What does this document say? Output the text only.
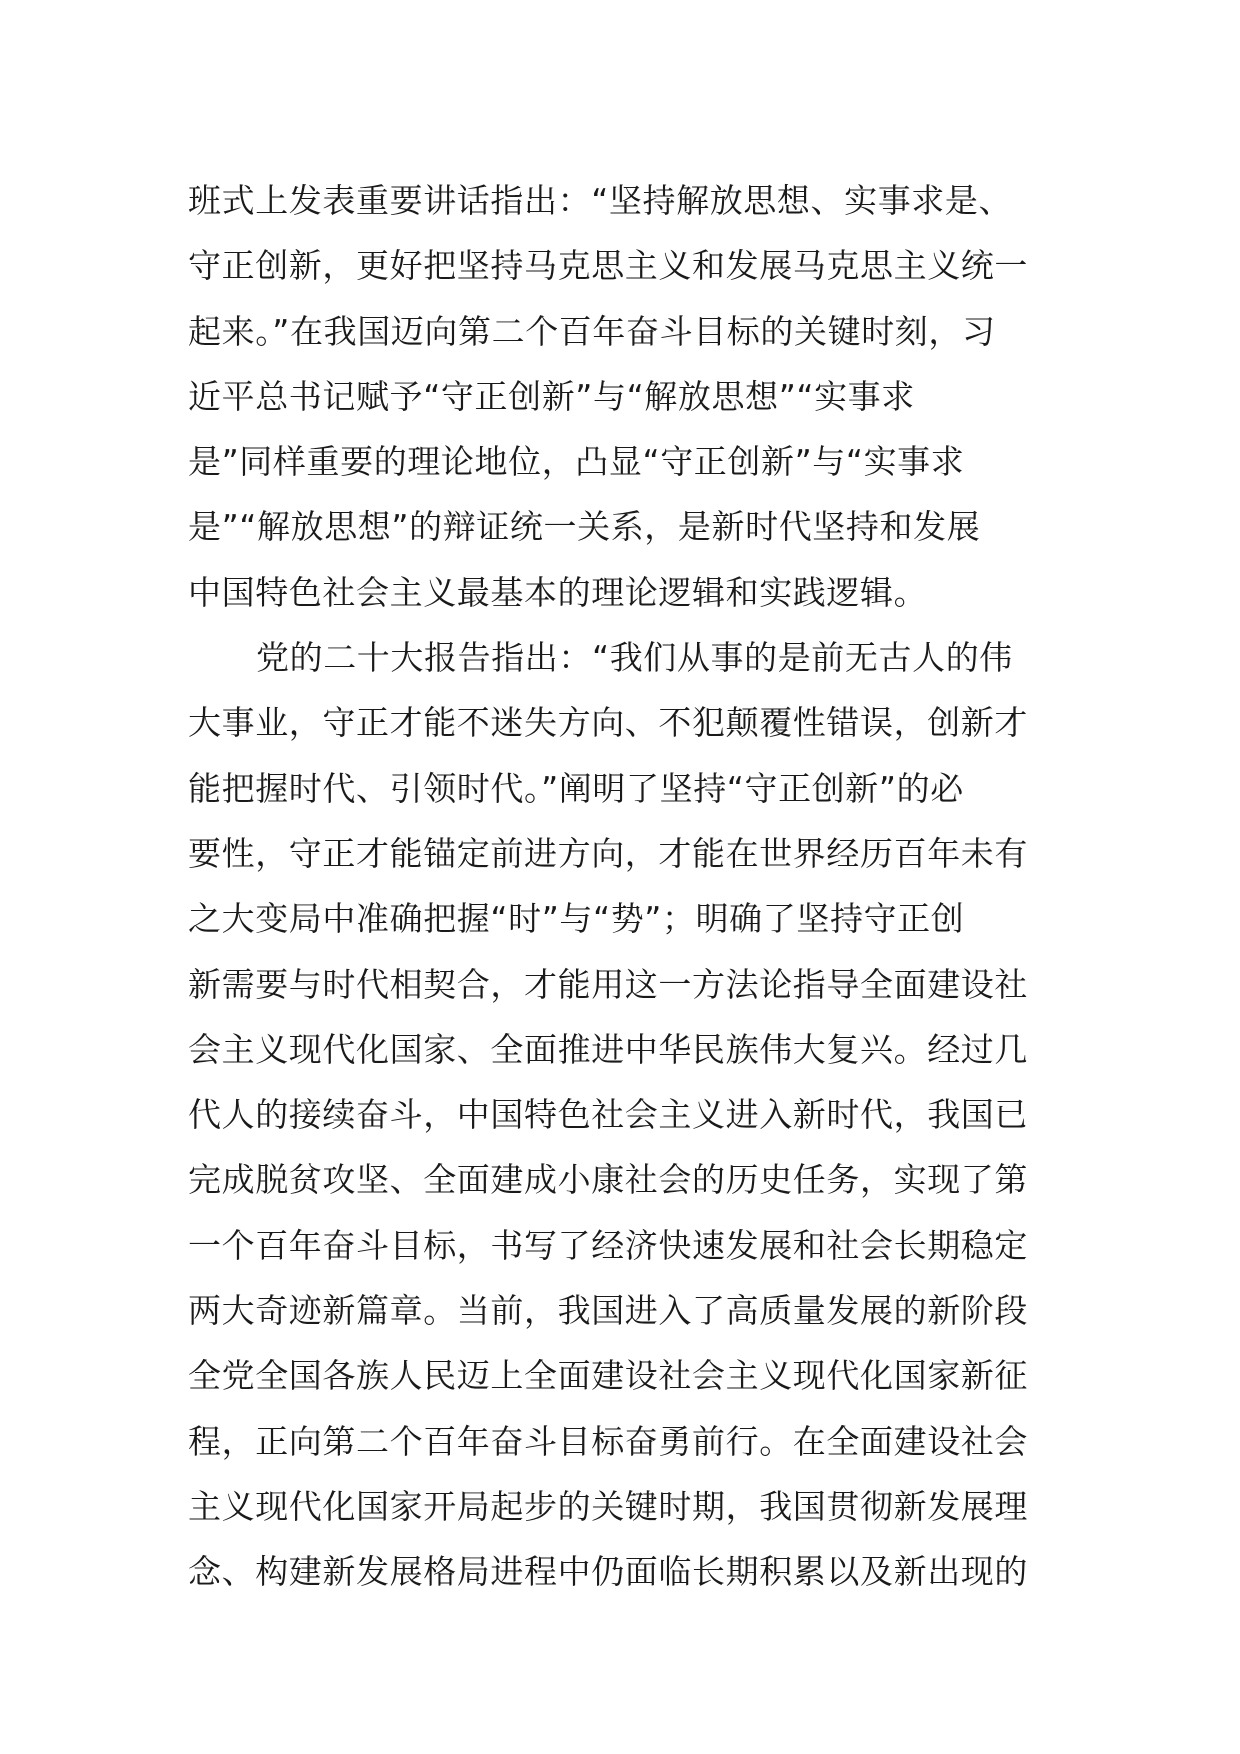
班式上发表重要讲话指出：“坚持解放思想、实事求是、
守正创新，更好把坚持马克思主义和发展马克思主义统一
起来。”在我国迈向第二个百年奋斗目标的关键时刻，习
近平总书记赋予“守正创新”与“解放思想”“实事求
是”同样重要的理论地位，凸显“守正创新”与“实事求
是”“解放思想”的辩证统一关系，是新时代坚持和发展
中国特色社会主义最基本的理论逻辑和实践逻辑。
党的二十大报告指出：“我们从事的是前无古人的伟
大事业，守正才能不迷失方向、不犯颠覆性错误，创新才
能把握时代、引领时代。”阐明了坚持“守正创新”的必
要性，守正才能锚定前进方向，才能在世界经历百年未有
之大变局中准确把握“时”与“势”；明确了坚持守正创
新需要与时代相契合，才能用这一方法论指导全面建设社
会主义现代化国家、全面推进中华民族伟大复兴。经过几
代人的接续奋斗，中国特色社会主义进入新时代，我国已
完成脱贫攻坚、全面建成小康社会的历史任务，实现了第
一个百年奋斗目标，书写了经济快速发展和社会长期稳定
两大奇迹新篇章。当前，我国进入了高质量发展的新阶段
全党全国各族人民迈上全面建设社会主义现代化国家新征
程，正向第二个百年奋斗目标奋勇前行。在全面建设社会
主义现代化国家开局起步的关键时期，我国贯彻新发展理
念、构建新发展格局进程中仍面临长期积累以及新出现的
